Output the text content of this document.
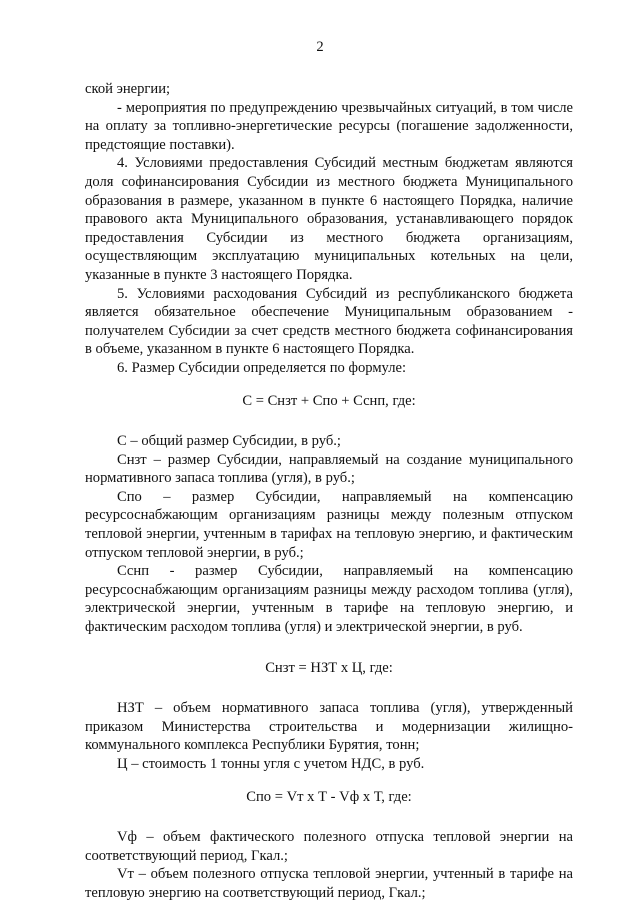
2

ской энергии;

- мероприятия по предупреждению чрезвычайных ситуаций, в том числе на оплату за топливно-энергетические ресурсы (погашение задолженности, предстоящие поставки).

4. Условиями предоставления Субсидий местным бюджетам являются доля софинансирования Субсидии из местного бюджета Муниципального образования в размере, указанном в пункте 6 настоящего Порядка, наличие правового акта Муниципального образования, устанавливающего порядок предоставления Субсидии из местного бюджета организациям, осуществляющим эксплуатацию муниципальных котельных на цели, указанные в пункте 3 настоящего Порядка.

5. Условиями расходования Субсидий из республиканского бюджета является обязательное обеспечение Муниципальным образованием - получателем Субсидии за счет средств местного бюджета софинансирования в объеме, указанном в пункте 6 настоящего Порядка.

6. Размер Субсидии определяется по формуле:

С = Снзт + Спо + Сснп, где:

С – общий размер Субсидии, в руб.;

Снзт – размер Субсидии, направляемый на создание муниципального нормативного запаса топлива (угля), в руб.;

Спо – размер Субсидии, направляемый на компенсацию ресурсоснабжающим организациям разницы между полезным отпуском тепловой энергии, учтенным в тарифах на тепловую энергию, и фактическим отпуском тепловой энергии, в руб.;

Сснп - размер Субсидии, направляемый на компенсацию ресурсоснабжающим организациям разницы между расходом топлива (угля), электрической энергии, учтенным в тарифе на тепловую энергию, и фактическим расходом топлива (угля) и электрической энергии, в руб.

Снзт = НЗТ х Ц, где:

НЗТ – объем нормативного запаса топлива (угля), утвержденный приказом Министерства строительства и модернизации жилищно-коммунального комплекса Республики Бурятия, тонн;

Ц – стоимость 1 тонны угля с учетом НДС, в руб.

Спо = Vт х Т - Vф х Т, где:

Vф – объем фактического полезного отпуска тепловой энергии на соответствующий период, Гкал.;

Vт – объем полезного отпуска тепловой энергии, учтенный в тарифе на тепловую энергию на соответствующий период, Гкал.;
